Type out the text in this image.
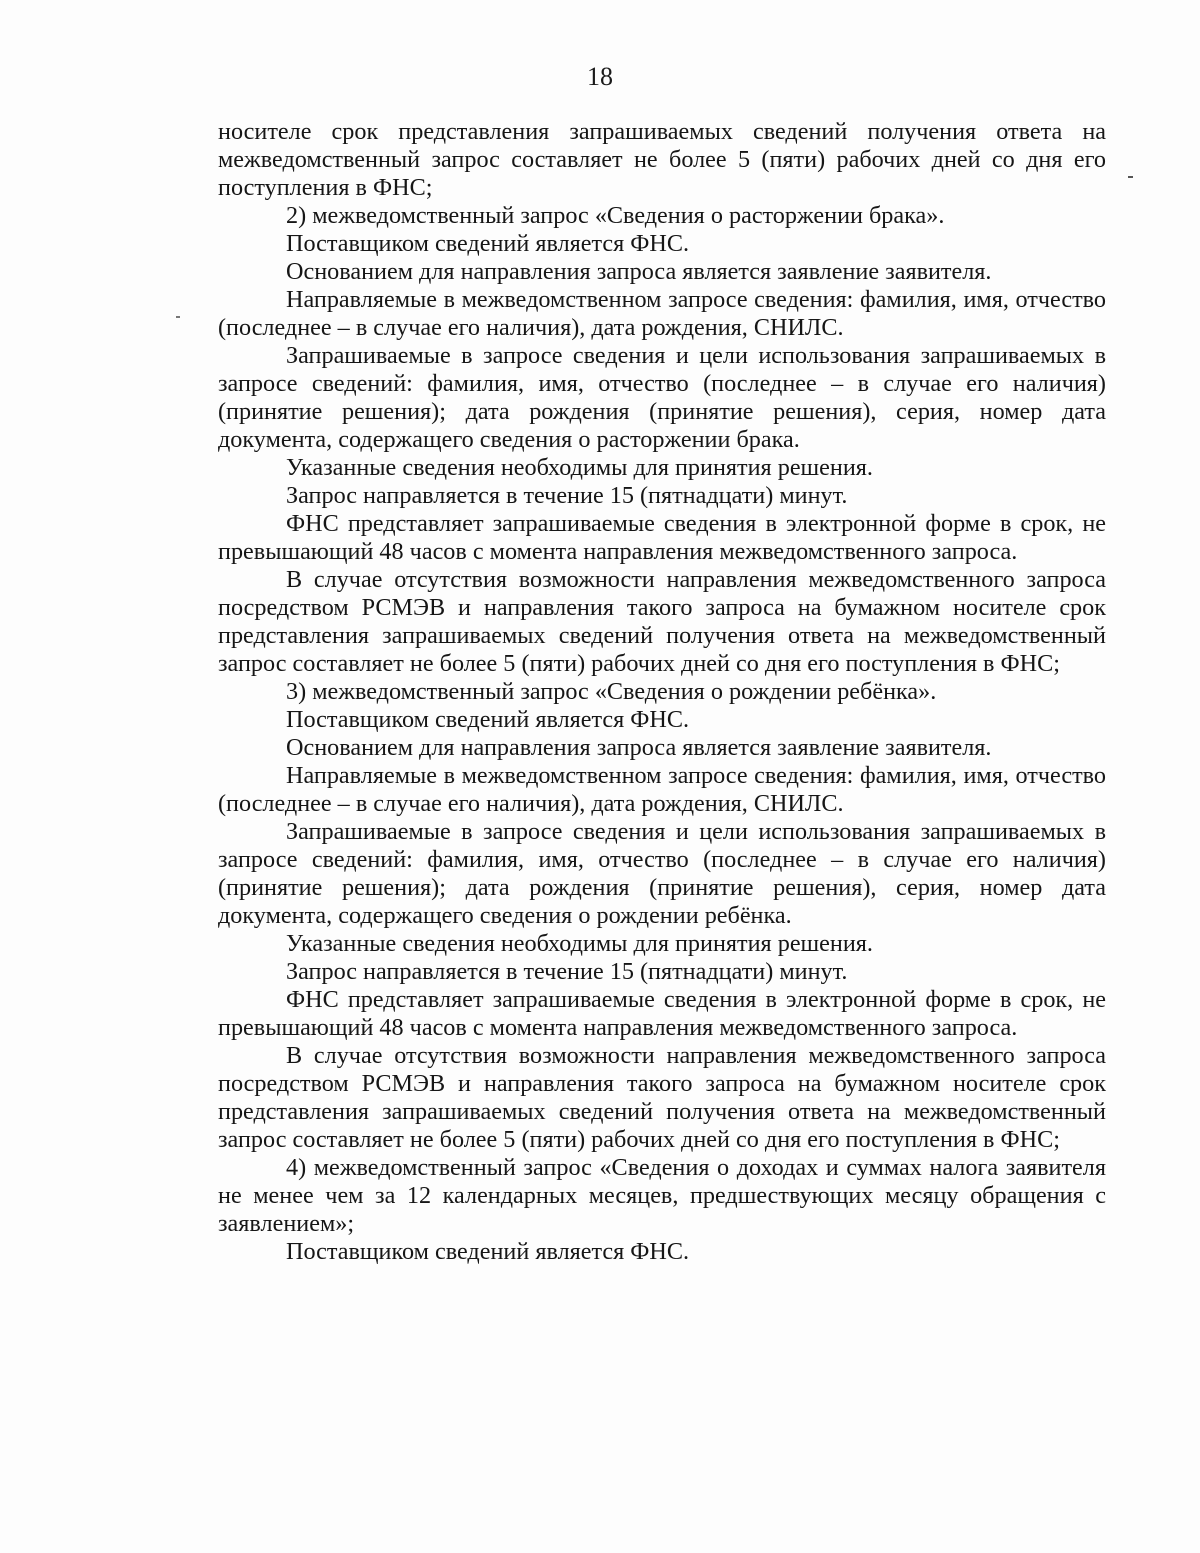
18

носителе срок представления запрашиваемых сведений получения ответа на межведомственный запрос составляет не более 5 (пяти) рабочих дней со дня его поступления в ФНС;

2) межведомственный запрос «Сведения о расторжении брака».

Поставщиком сведений является ФНС.

Основанием для направления запроса является заявление заявителя.

Направляемые в межведомственном запросе сведения: фамилия, имя, отчество (последнее – в случае его наличия), дата рождения, СНИЛС.

Запрашиваемые в запросе сведения и цели использования запрашиваемых в запросе сведений: фамилия, имя, отчество (последнее – в случае его наличия) (принятие решения); дата рождения (принятие решения), серия, номер дата документа, содержащего сведения о расторжении брака.

Указанные сведения необходимы для принятия решения.

Запрос направляется в течение 15 (пятнадцати) минут.

ФНС представляет запрашиваемые сведения в электронной форме в срок, не превышающий 48 часов с момента направления межведомственного запроса.

В случае отсутствия возможности направления межведомственного запроса посредством РСМЭВ и направления такого запроса на бумажном носителе срок представления запрашиваемых сведений получения ответа на межведомственный запрос составляет не более 5 (пяти) рабочих дней со дня его поступления в ФНС;

3) межведомственный запрос «Сведения о рождении ребёнка».

Поставщиком сведений является ФНС.

Основанием для направления запроса является заявление заявителя.

Направляемые в межведомственном запросе сведения: фамилия, имя, отчество (последнее – в случае его наличия), дата рождения, СНИЛС.

Запрашиваемые в запросе сведения и цели использования запрашиваемых в запросе сведений: фамилия, имя, отчество (последнее – в случае его наличия) (принятие решения); дата рождения (принятие решения), серия, номер дата документа, содержащего сведения о рождении ребёнка.

Указанные сведения необходимы для принятия решения.

Запрос направляется в течение 15 (пятнадцати) минут.

ФНС представляет запрашиваемые сведения в электронной форме в срок, не превышающий 48 часов с момента направления межведомственного запроса.

В случае отсутствия возможности направления межведомственного запроса посредством РСМЭВ и направления такого запроса на бумажном носителе срок представления запрашиваемых сведений получения ответа на межведомственный запрос составляет не более 5 (пяти) рабочих дней со дня его поступления в ФНС;

4) межведомственный запрос «Сведения о доходах и суммах налога заявителя не менее чем за 12 календарных месяцев, предшествующих месяцу обращения с заявлением»;

Поставщиком сведений является ФНС.
